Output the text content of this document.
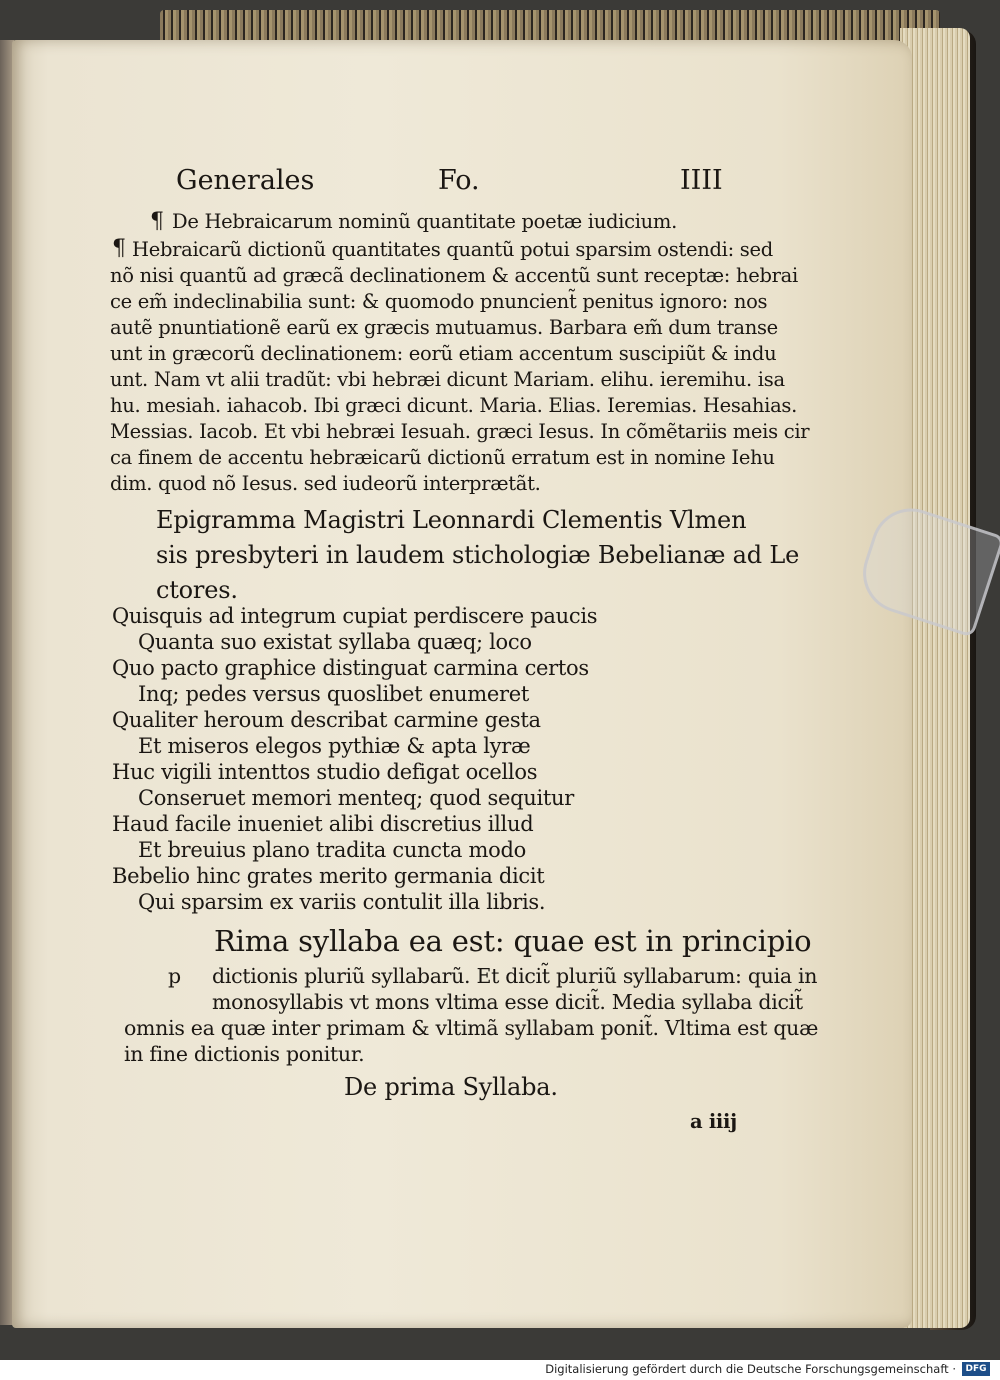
Generales	Fo.	IIII
¶ De Hebraicarum nominũ quantitate poetæ iudicium.
¶ Hebraicarũ dictionũ quantitates quantũ potui sparsim ostendi: sed
nõ nisi quantũ ad græcã declinationem & accentũ sunt receptæ: hebrai
ce em̃ indeclinabilia sunt: & quomodo pnuncient̃ penitus ignoro: nos
autẽ pnuntiationẽ earũ ex græcis mutuamus. Barbara em̃ dum transe
unt in græcorũ declinationem: eorũ etiam accentum suscipiũt & indu
unt. Nam vt alii tradũt: vbi hebræi dicunt Mariam. elihu. ieremihu. isa
hu. mesiah. iahacob. Ibi græci dicunt. Maria. Elias. Ieremias. Hesahias.
Messias. Iacob. Et vbi hebræi Iesuah. græci Iesus. In cõmẽtariis meis cir
ca finem de accentu hebræicarũ dictionũ erratum est in nomine Iehu
dim. quod nõ Iesus. sed iudeorũ interprætãt.
Epigramma Magistri Leonnardi Clementis Vlmen
sis presbyteri in laudem stichologiæ Bebelianæ ad Le
ctores.
Quisquis ad integrum cupiat perdiscere paucis
Quanta suo existat syllaba quæq; loco
Quo pacto graphice distinguat carmina certos
Inq; pedes versus quoslibet enumeret
Qualiter heroum describat carmine gesta
Et miseros elegos pythiæ & apta lyræ
Huc vigili intenttos studio defigat ocellos
Conseruet memori menteq; quod sequitur
Haud facile inueniet alibi discretius illud
Et breuius plano tradita cuncta modo
Bebelio hinc grates merito germania dicit
Qui sparsim ex variis contulit illa libris.
Rima syllaba ea est: quae est in principio
p dictionis pluriũ syllabarũ. Et dicit̃ pluriũ syllabarum: quia in
monosyllabis vt mons vltima esse dicit̃. Media syllaba dicit̃
omnis ea quæ inter primam & vltimã syllabam ponit̃. Vltima est quæ
in fine dictionis ponitur.
De prima Syllaba.
a iiij
Digitalisierung gefördert durch die Deutsche Forschungsgemeinschaft ·	DFG
